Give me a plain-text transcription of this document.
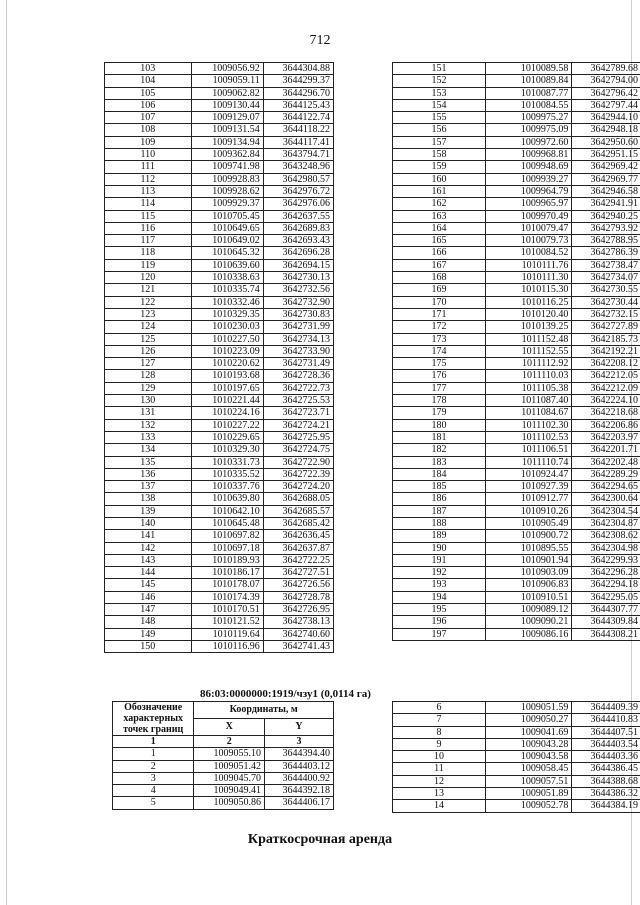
712
103	1009056.92	3644304.88
104	1009059.11	3644299.37
105	1009062.82	3644296.70
106	1009130.44	3644125.43
107	1009129.07	3644122.74
108	1009131.54	3644118.22
109	1009134.94	3644117.41
110	1009362.84	3643794.71
111	1009741.98	3643248.96
112	1009928.83	3642980.57
113	1009928.62	3642976.72
114	1009929.37	3642976.06
115	1010705.45	3642637.55
116	1010649.65	3642689.83
117	1010649.02	3642693.43
118	1010645.32	3642696.28
119	1010639.60	3642694.15
120	1010338.63	3642730.13
121	1010335.74	3642732.56
122	1010332.46	3642732.90
123	1010329.35	3642730.83
124	1010230.03	3642731.99
125	1010227.50	3642734.13
126	1010223.09	3642733.90
127	1010220.62	3642731.49
128	1010193.68	3642728.36
129	1010197.65	3642722.73
130	1010221.44	3642725.53
131	1010224.16	3642723.71
132	1010227.22	3642724.21
133	1010229.65	3642725.95
134	1010329.30	3642724.75
135	1010331.73	3642722.90
136	1010335.52	3642722.39
137	1010337.76	3642724.20
138	1010639.80	3642688.05
139	1010642.10	3642685.57
140	1010645.48	3642685.42
141	1010697.82	3642636.45
142	1010697.18	3642637.87
143	1010189.93	3642722.25
144	1010186.17	3642727.51
145	1010178.07	3642726.56
146	1010174.39	3642728.78
147	1010170.51	3642726.95
148	1010121.52	3642738.13
149	1010119.64	3642740.60
150	1010116.96	3642741.43
151	1010089.58	3642789.68
152	1010089.84	3642794.00
153	1010087.77	3642796.42
154	1010084.55	3642797.44
155	1009975.27	3642944.10
156	1009975.09	3642948.18
157	1009972.60	3642950.60
158	1009968.81	3642951.15
159	1009948.69	3642969.42
160	1009939.27	3642969.77
161	1009964.79	3642946.58
162	1009965.97	3642941.91
163	1009970.49	3642940.25
164	1010079.47	3642793.92
165	1010079.73	3642788.95
166	1010084.52	3642786.39
167	1010111.76	3642738.47
168	1010111.30	3642734.07
169	1010115.30	3642730.55
170	1010116.25	3642730.44
171	1010120.40	3642732.15
172	1010139.25	3642727.89
173	1011152.48	3642185.73
174	1011152.55	3642192.21
175	1011112.92	3642208.12
176	1011110.03	3642212.05
177	1011105.38	3642212.09
178	1011087.40	3642224.10
179	1011084.67	3642218.68
180	1011102.30	3642206.86
181	1011102.53	3642203.97
182	1011106.51	3642201.71
183	1011110.74	3642202.48
184	1010924.47	3642289.29
185	1010927.39	3642294.65
186	1010912.77	3642300.64
187	1010910.26	3642304.54
188	1010905.49	3642304.87
189	1010900.72	3642308.62
190	1010895.55	3642304.98
191	1010901.94	3642299.93
192	1010903.09	3642296.28
193	1010906.83	3642294.18
194	1010910.51	3642295.05
195	1009089.12	3644307.77
196	1009090.21	3644309.84
197	1009086.16	3644308.21
86:03:0000000:1919/чзу1 (0,0114 га)
Обозначение характерных точек границ	Координаты, м	
	X	Y
1	2	3
1	1009055.10	3644394.40
2	1009051.42	3644403.12
3	1009045.70	3644400.92
4	1009049.41	3644392.18
5	1009050.86	3644406.17
6	1009051.59	3644409.39
7	1009050.27	3644410.83
8	1009041.69	3644407.51
9	1009043.28	3644403.54
10	1009043.58	3644403.36
11	1009058.45	3644386.45
12	1009057.51	3644388.68
13	1009051.89	3644386.32
14	1009052.78	3644384.19
Краткосрочная аренда
